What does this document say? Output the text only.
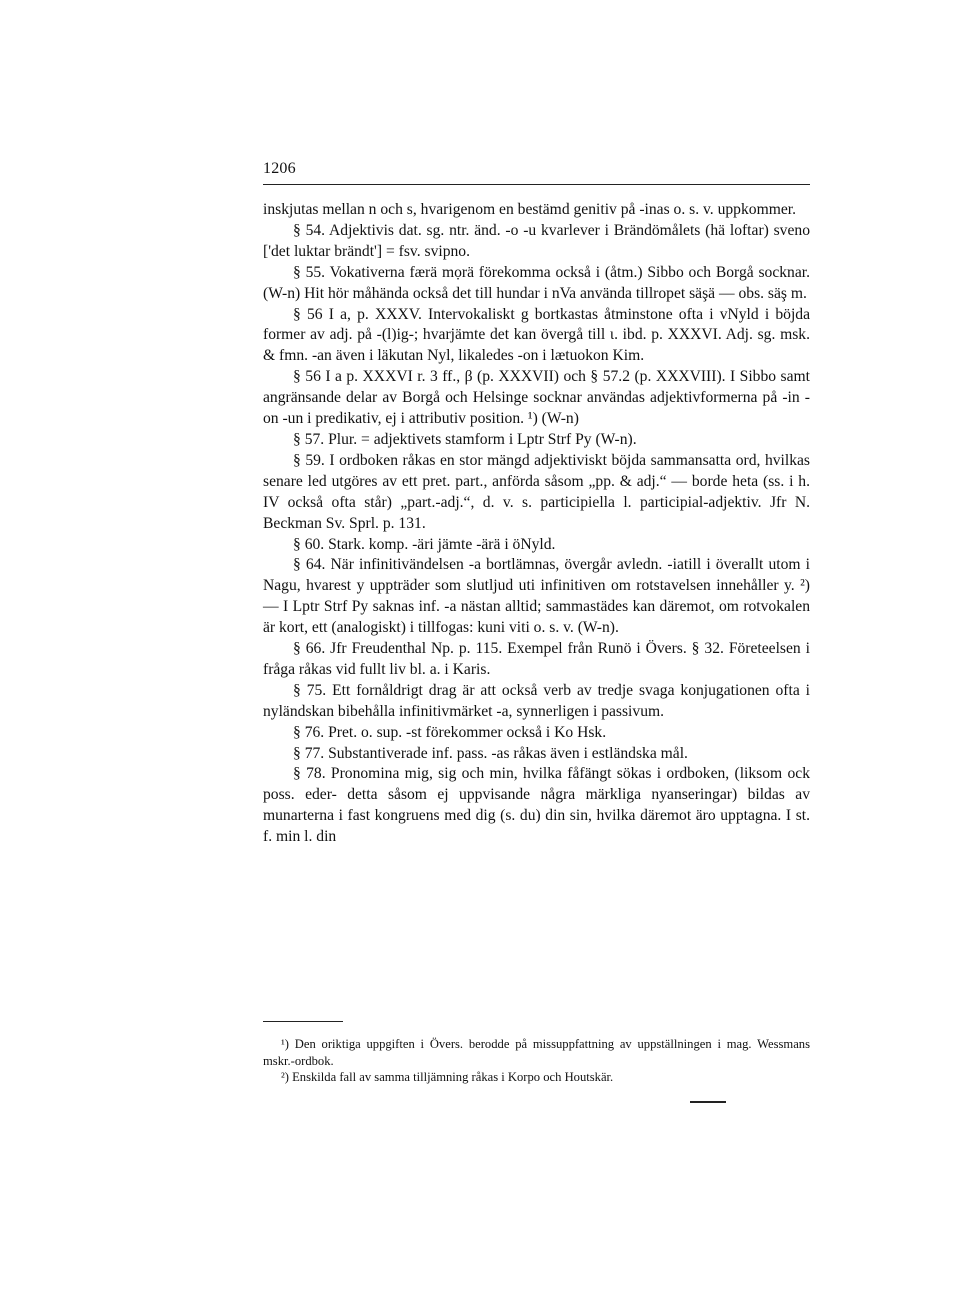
1206

inskjutas mellan n och s, hvarigenom en bestämd genitiv på -inas o. s. v. uppkommer.

§ 54. Adjektivis dat. sg. ntr. änd. -o -u kvarlever i Brändömålets (hä loftar) sveno ['det luktar brändt'] = fsv. svipno.

§ 55. Vokativerna færä mọrä förekomma också i (åtm.) Sibbo och Borgå socknar. (W-n) Hit hör måhända också det till hundar i nVa använda tillropet säşä — obs. säş m.

§ 56 I a, p. XXXV. Intervokaliskt g bortkastas åtminstone ofta i vNyld i böjda former av adj. på -(l)ig-; hvarjämte det kan övergå till ɩ. ibd. p. XXXVI. Adj. sg. msk. & fmn. -an även i läkutan Nyl, likaledes -on i lætuokon Kim.

§ 56 I a p. XXXVI r. 3 ff., β (p. XXXVII) och § 57.2 (p. XXXVIII). I Sibbo samt angränsande delar av Borgå och Helsinge socknar användas adjektivformerna på -in -on -un i predikativ, ej i attributiv position. ¹) (W-n)

§ 57. Plur. = adjektivets stamform i Lptr Strf Py (W-n).

§ 59. I ordboken råkas en stor mängd adjektiviskt böjda sammansatta ord, hvilkas senare led utgöres av ett pret. part., anförda såsom „pp. & adj.“ — borde heta (ss. i h. IV också ofta står) „part.-adj.“, d. v. s. participiella l. participial-adjektiv. Jfr N. Beckman Sv. Sprl. p. 131.

§ 60. Stark. komp. -äri jämte -ärä i öNyld.

§ 64. När infinitivändelsen -a bortlämnas, övergår avledn. -iatill i överallt utom i Nagu, hvarest y uppträder som slutljud uti infinitiven om rotstavelsen innehåller y. ²) — I Lptr Strf Py saknas inf. -a nästan alltid; sammastädes kan däremot, om rotvokalen är kort, ett (analogiskt) i tillfogas: kuni viti o. s. v. (W-n).

§ 66. Jfr Freudenthal Np. p. 115. Exempel från Runö i Övers. § 32. Företeelsen i fråga råkas vid fullt liv bl. a. i Karis.

§ 75. Ett fornåldrigt drag är att också verb av tredje svaga konjugationen ofta i nyländskan bibehålla infinitivmärket -a, synnerligen i passivum.

§ 76. Pret. o. sup. -st förekommer också i Ko Hsk.

§ 77. Substantiverade inf. pass. -as råkas även i estländska mål.

§ 78. Pronomina mig, sig och min, hvilka fåfängt sökas i ordboken, (liksom ock poss. eder- detta såsom ej uppvisande några märkliga nyanseringar) bildas av munarterna i fast kongruens med dig (s. du) din sin, hvilka däremot äro upptagna. I st. f. min l. din

¹) Den oriktiga uppgiften i Övers. berodde på missuppfattning av uppställningen i mag. Wessmans mskr.-ordbok.

²) Enskilda fall av samma tilljämning råkas i Korpo och Houtskär.
